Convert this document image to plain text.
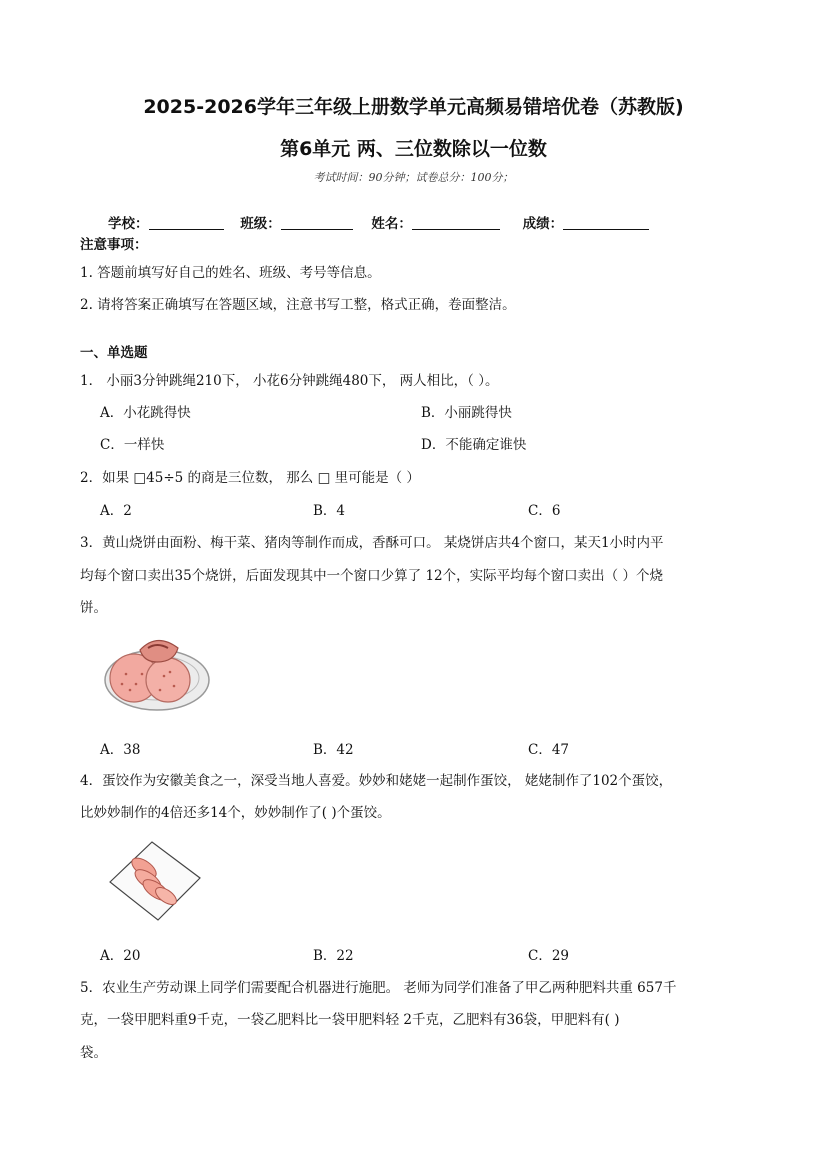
2025-2026学年三年级上册数学单元高频易错培优卷（苏教版)
第6单元 两、三位数除以一位数
考试时间：90分钟；试卷总分：100分；
学校：	班级：	姓名：	成绩：
注意事项：
1. 答题前填写好自己的姓名、班级、考号等信息。
2. 请将答案正确填写在答题区域，注意书写工整，格式正确，卷面整洁。
一、单选题
1． 小丽3分钟跳绳210下， 小花6分钟跳绳480下， 两人相比，（ ）。
A．小花跳得快	B．小丽跳得快
C．一样快	D．不能确定谁快
2．如果 □45÷5 的商是三位数， 那么 □ 里可能是（ ）
A．2	B．4	C．6
3．黄山烧饼由面粉、梅干菜、猪肉等制作而成，香酥可口。 某烧饼店共4个窗口，某天1小时内平
均每个窗口卖出35个烧饼，后面发现其中一个窗口少算了 12个，实际平均每个窗口卖出（ ）个烧
饼。
A．38	B．42	C．47
4．蛋饺作为安徽美食之一，深受当地人喜爱。妙妙和姥姥一起制作蛋饺， 姥姥制作了102个蛋饺，
比妙妙制作的4倍还多14个，妙妙制作了( )个蛋饺。
A．20	B．22	C．29
5．农业生产劳动课上同学们需要配合机器进行施肥。 老师为同学们准备了甲乙两种肥料共重 657千
克，一袋甲肥料重9千克，一袋乙肥料比一袋甲肥料轻 2千克，乙肥料有36袋，甲肥料有( )
袋。
